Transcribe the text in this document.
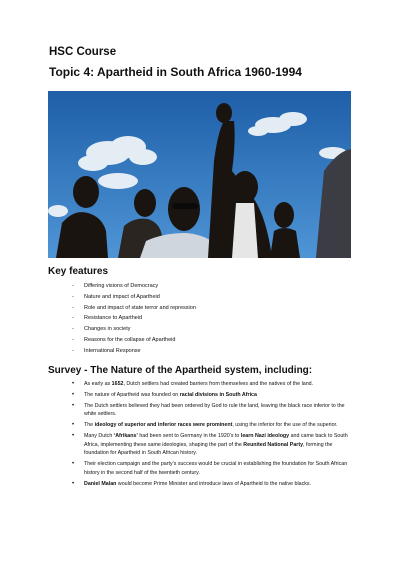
HSC Course
Topic 4: Apartheid in South Africa 1960-1994
Key features
- Differing visions of Democracy
- Nature and impact of Apartheid
- Role and impact of state terror and repression
- Resistance to Apartheid
- Changes in society
- Reasons for the collapse of Apartheid
- International Response
Survey - The Nature of the Apartheid system, including:
• As early as 1652, Dutch settlers had created barriers from themselves and the natives of the land.
• The nature of Apartheid was founded on racial divisions in South Africa
• The Dutch settlers believed they had been ordered by God to rule the land, leaving the black race inferior to the white settlers.
• The ideology of superior and inferior races were prominent, using the inferior for the use of the superior.
• Many Dutch ‘Afrikans’ had been sent to Germany in the 1920’s to learn Nazi ideology and came back to South Africa, implementing these same ideologies, shaping the part of the Reunited National Party, forming the foundation for Apartheid in South African history.
• Their election campaign and the party’s success would be crucial in establishing the foundation for South African history in the second half of the twentieth century.
• Daniel Malan would become Prime Minister and introduce laws of Apartheid to the native blacks.
